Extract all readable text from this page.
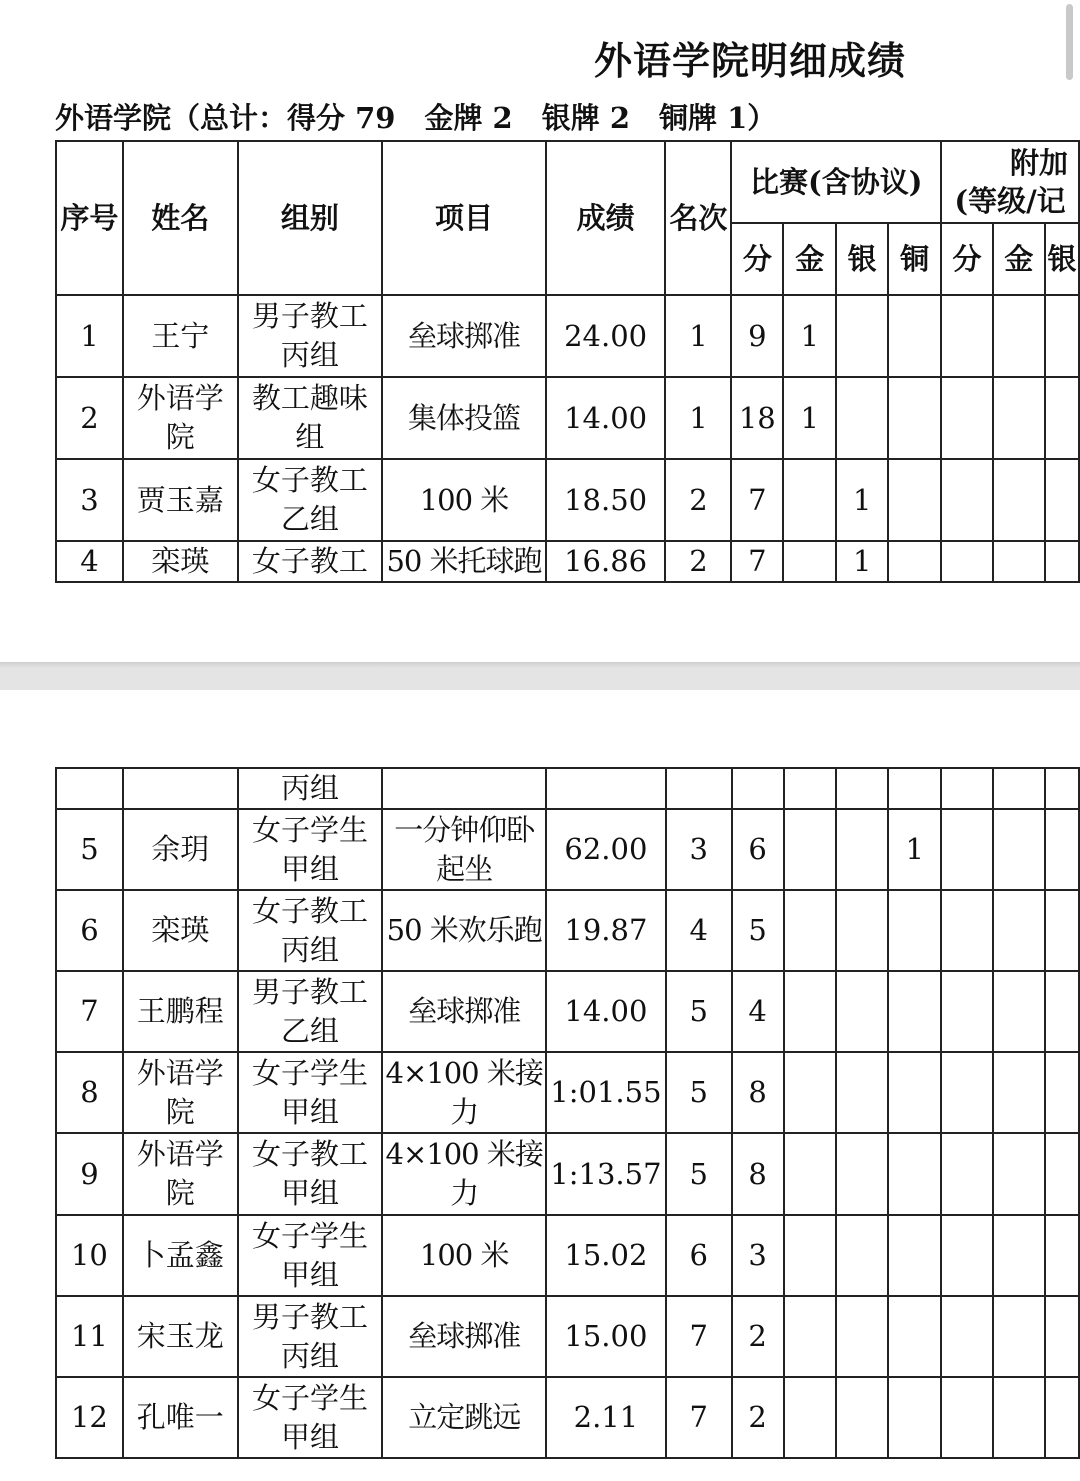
外语学院明细成绩
外语学院（总计：得分 79　金牌 2　银牌 2　铜牌 1）
序号	姓名	组别	项目	成绩	名次	比赛(含协议)				附加
(等级/记		

						分	金	银	铜	分	金	银
1	王宁	男子教工丙组	垒球掷准	24.00	1	9	1					
2	外语学院	教工趣味组	集体投篮	14.00	1	18	1					
3	贾玉嘉	女子教工乙组	100 米	18.50	2	7		1				
4	栾瑛	女子教工	50 米托球跑	16.86	2	7		1				
		丙组										
5	余玥	女子学生甲组	一分钟仰卧起坐	62.00	3	6			1			
6	栾瑛	女子教工丙组	50 米欢乐跑	19.87	4	5						
7	王鹏程	男子教工乙组	垒球掷准	14.00	5	4						
8	外语学院	女子学生甲组	4×100 米接力	1:01.55	5	8						
9	外语学院	女子教工甲组	4×100 米接力	1:13.57	5	8						
10	卜孟鑫	女子学生甲组	100 米	15.02	6	3						
11	宋玉龙	男子教工丙组	垒球掷准	15.00	7	2						
12	孔唯一	女子学生甲组	立定跳远	2.11	7	2						
